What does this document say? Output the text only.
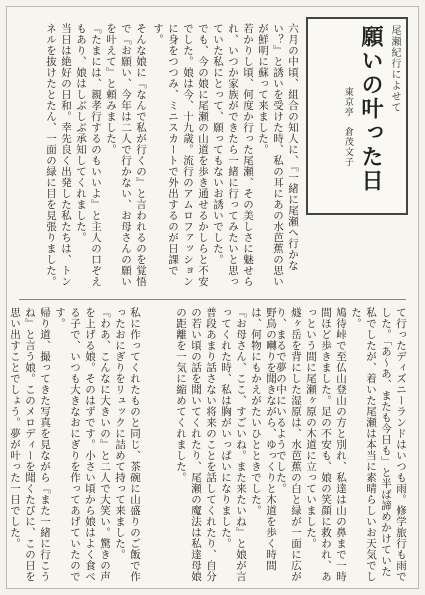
尾瀬紀行によせて
願いの叶った日
東京亭　倉茂文子

六月の中頃、組合の知人に、『一緒に尾瀬へ行かない？』と誘いを受けた時、私の耳にあの水芭蕉の思いが鮮明に蘇って来ました。

若かりし頃、何度か行った尾瀬、その美しさに魅せられ、いつか家族ができたら一緒に行ってみたいと思っていた私にとって、願ってもないお誘いでした。

でも、今の娘に尾瀬の山道を歩き通せるかしらと不安でした。娘は今、十九歳。流行のアムロファッションに身をつつみ、ミニスカートで外出するのが日課です。

そんな娘に『なんで私が行くの』と言われるのを覚悟で『お願い、今年は二人で行かない、お母さんの願いを叶えて』と頼みました。

『たまには、親孝行するのもいいよ』と主人の口ぞえもあり、娘はしぶしぶ承知してくれました。

当日は絶好の日和。幸先良く出発した私たちは、トンネルを抜けたとたん、一面の緑に目を見張りました。

て行ったディズニーランドはいつも雨。修学旅行も雨でした。「あ～あ、またも今日も」と半ば諦めかけていた私でしたが、着いた尾瀬は本当に素晴らしいお天気でした。

鳩待峠で至仏山登山の方と別れ、私達は山の鼻まで一時間ほど歩きました。足の不安も、娘の笑顔に救われ、あっという間に尾瀬ヶ原の木道に立っていました。

燧ヶ岳を背にした湿原は、水芭蕉の白と緑が一面に広がり、まるで夢の中にいるようでした。

野鳥の囀りを聞きながら、ゆっくりと木道を歩く時間は、何物にもかえがたいひとときでした。

『お母さん、ここ、すごいね。また来たいね』と娘が言ってくれた時、私は胸がいっぱいになりました。

普段あまり話さない将来のことを話してくれたり、自分の若い頃の話を聞いてくれたり、尾瀬の魔法は私達母娘の距離を一気に縮めてくれました。

私に作ってくれたものと同じ、茶碗に山盛りのご飯で作ったおにぎりをリュックに詰めて持って来ました。

『わあ、こんなに大きいの』と二人で大笑い。驚きの声を上げる娘。そのはずです。小さい頃から娘はよく食べる子で、いつも大きなおにぎりを作ってあげていたのです。

帰り道、撮ってきた写真を見ながら『また一緒に行こうね』と言う娘。このメロディーを聞くたびに、この日を思い出すことでしょう。夢が叶った一日でした。
